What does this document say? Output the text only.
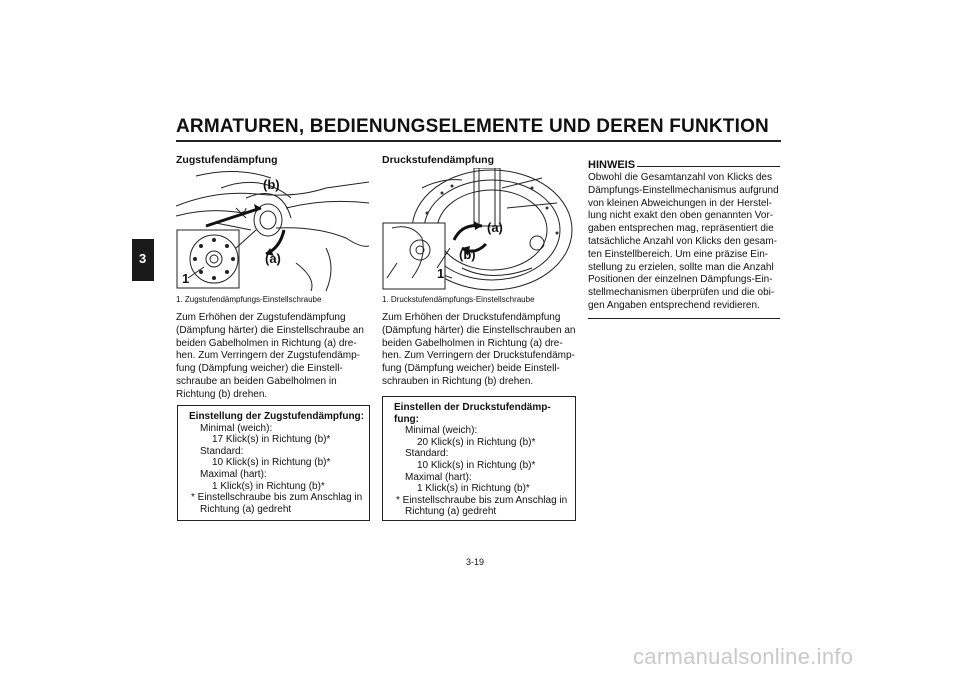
ARMATUREN, BEDIENUNGSELEMENTE UND DEREN FUNKTION
3
Zugstufendämpfung
(b)
(a)
1
1. Zugstufendämpfungs-Einstellschraube
Zum Erhöhen der Zugstufendämpfung
(Dämpfung härter) die Einstellschraube an
beiden Gabelholmen in Richtung (a) dre-
hen. Zum Verringern der Zugstufendämp-
fung (Dämpfung weicher) die Einstell-
schraube an beiden Gabelholmen in
Richtung (b) drehen.
Einstellung der Zugstufendämpfung:
Minimal (weich):
17 Klick(s) in Richtung (b)*
Standard:
10 Klick(s) in Richtung (b)*
Maximal (hart):
1 Klick(s) in Richtung (b)*
* Einstellschraube bis zum Anschlag in
Richtung (a) gedreht
Druckstufendämpfung
(a)
(b)
1
1. Druckstufendämpfungs-Einstellschraube
Zum Erhöhen der Druckstufendämpfung
(Dämpfung härter) die Einstellschrauben an
beiden Gabelholmen in Richtung (a) dre-
hen. Zum Verringern der Druckstufendämp-
fung (Dämpfung weicher) beide Einstell-
schrauben in Richtung (b) drehen.
Einstellen der Druckstufendämp-
fung:
Minimal (weich):
20 Klick(s) in Richtung (b)*
Standard:
10 Klick(s) in Richtung (b)*
Maximal (hart):
1 Klick(s) in Richtung (b)*
* Einstellschraube bis zum Anschlag in
Richtung (a) gedreht
HINWEIS
Obwohl die Gesamtanzahl von Klicks des
Dämpfungs-Einstellmechanismus aufgrund
von kleinen Abweichungen in der Herstel-
lung nicht exakt den oben genannten Vor-
gaben entsprechen mag, repräsentiert die
tatsächliche Anzahl von Klicks den gesam-
ten Einstellbereich. Um eine präzise Ein-
stellung zu erzielen, sollte man die Anzahl
Positionen der einzelnen Dämpfungs-Ein-
stellmechanismen überprüfen und die obi-
gen Angaben entsprechend revidieren.
3-19
carmanualsonline.info
